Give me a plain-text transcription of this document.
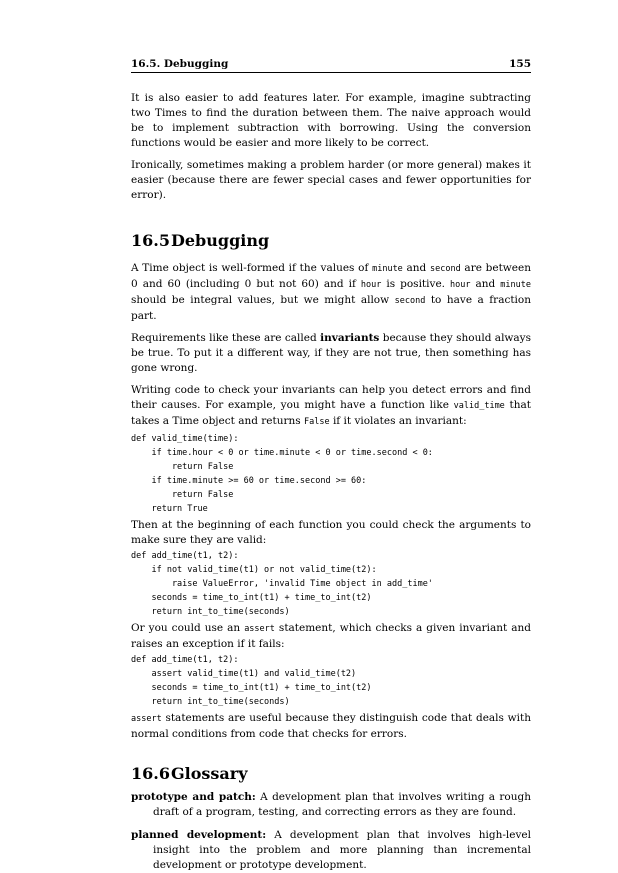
16.5. Debugging	155

It is also easier to add features later. For example, imagine subtracting two Times to find the duration between them. The naive approach would be to implement subtraction with borrowing. Using the conversion functions would be easier and more likely to be correct.

Ironically, sometimes making a problem harder (or more general) makes it easier (because there are fewer special cases and fewer opportunities for error).

16.5Debugging

A Time object is well-formed if the values of minute and second are between 0 and 60 (including 0 but not 60) and if hour is positive. hour and minute should be integral values, but we might allow second to have a fraction part.

Requirements like these are called invariants because they should always be true. To put it a different way, if they are not true, then something has gone wrong.

Writing code to check your invariants can help you detect errors and find their causes. For example, you might have a function like valid_time that takes a Time object and returns False if it violates an invariant:

def valid_time(time):
if time.hour < 0 or time.minute < 0 or time.second < 0:
return False
if time.minute >= 60 or time.second >= 60:
return False
return True

Then at the beginning of each function you could check the arguments to make sure they are valid:

def add_time(t1, t2):
if not valid_time(t1) or not valid_time(t2):
raise ValueError, 'invalid Time object in add_time'
seconds = time_to_int(t1) + time_to_int(t2)
return int_to_time(seconds)

Or you could use an assert statement, which checks a given invariant and raises an exception if it fails:

def add_time(t1, t2):
assert valid_time(t1) and valid_time(t2)
seconds = time_to_int(t1) + time_to_int(t2)
return int_to_time(seconds)

assert statements are useful because they distinguish code that deals with normal conditions from code that checks for errors.

16.6Glossary
prototype and patch: A development plan that involves writing a rough draft of a program, testing, and correcting errors as they are found.
planned development: A development plan that involves high-level insight into the problem and more planning than incremental development or prototype development.
